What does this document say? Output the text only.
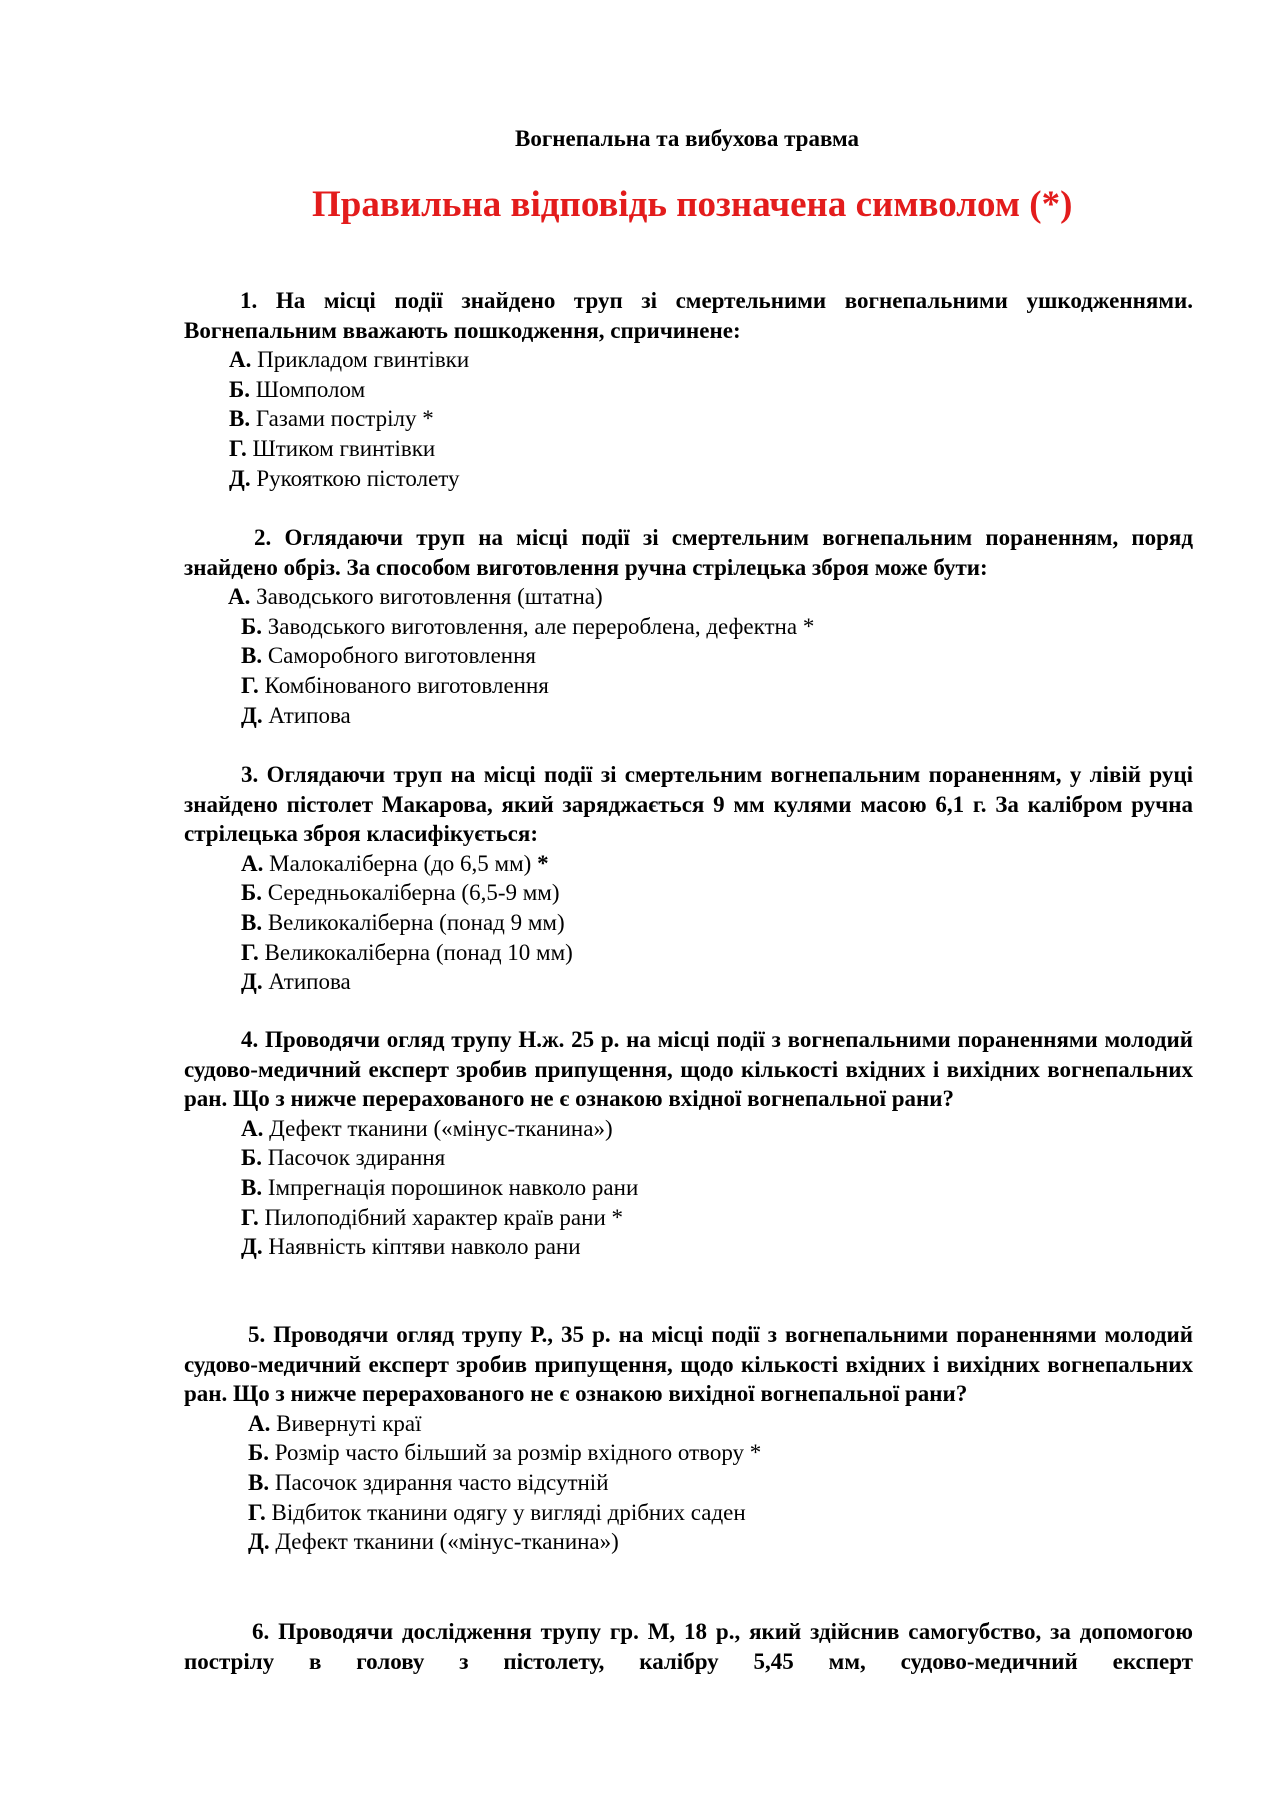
Вогнепальна та вибухова травма
Правильна відповідь позначена символом (*)

1. На місці події знайдено труп зі смертельними вогнепальними ушкодженнями. Вогнепальним вважають пошкодження, спричинене:

А. Прикладом гвинтівки
Б. Шомполом
В. Газами пострілу *
Г. Штиком гвинтівки
Д. Рукояткою пістолету

2. Оглядаючи труп на місці події зі смертельним вогнепальним пораненням, поряд знайдено обріз. За способом виготовлення ручна стрілецька зброя може бути:

А. Заводського виготовлення (штатна)
Б. Заводського виготовлення, але перероблена, дефектна *
В. Саморобного виготовлення
Г. Комбінованого виготовлення
Д. Атипова

3. Оглядаючи труп на місці події зі смертельним вогнепальним пораненням, у лівій руці знайдено пістолет Макарова, який заряджається 9 мм кулями масою 6,1 г. За калібром ручна стрілецька зброя класифікується:

А. Малокаліберна (до 6,5 мм) *
Б. Середньокаліберна (6,5-9 мм)
В. Великокаліберна (понад 9 мм)
Г. Великокаліберна (понад 10 мм)
Д. Атипова

4. Проводячи огляд трупу Н.ж. 25 р. на місці події з вогнепальними пораненнями молодий судово-медичний експерт зробив припущення, щодо кількості вхідних і вихідних вогнепальних ран. Що з нижче перерахованого не є ознакою вхідної вогнепальної рани?

А. Дефект тканини («мінус-тканина»)
Б. Пасочок здирання
В. Імпрегнація порошинок навколо рани
Г. Пилоподібний характер країв рани *
Д. Наявність кіптяви навколо рани

5. Проводячи огляд трупу Р., 35 р. на місці події з вогнепальними пораненнями молодий судово-медичний експерт зробив припущення, щодо кількості вхідних і вихідних вогнепальних ран. Що з нижче перерахованого не є ознакою вихідної вогнепальної рани?

А. Вивернуті краї
Б. Розмір часто більший за розмір вхідного отвору *
В. Пасочок здирання часто відсутній
Г. Відбиток тканини одягу у вигляді дрібних саден
Д. Дефект тканини («мінус-тканина»)

6. Проводячи дослідження трупу гр. М, 18 р., який здійснив самогубство, за допомогою пострілу в голову з пістолету, калібру 5,45 мм, судово-медичний експерт
